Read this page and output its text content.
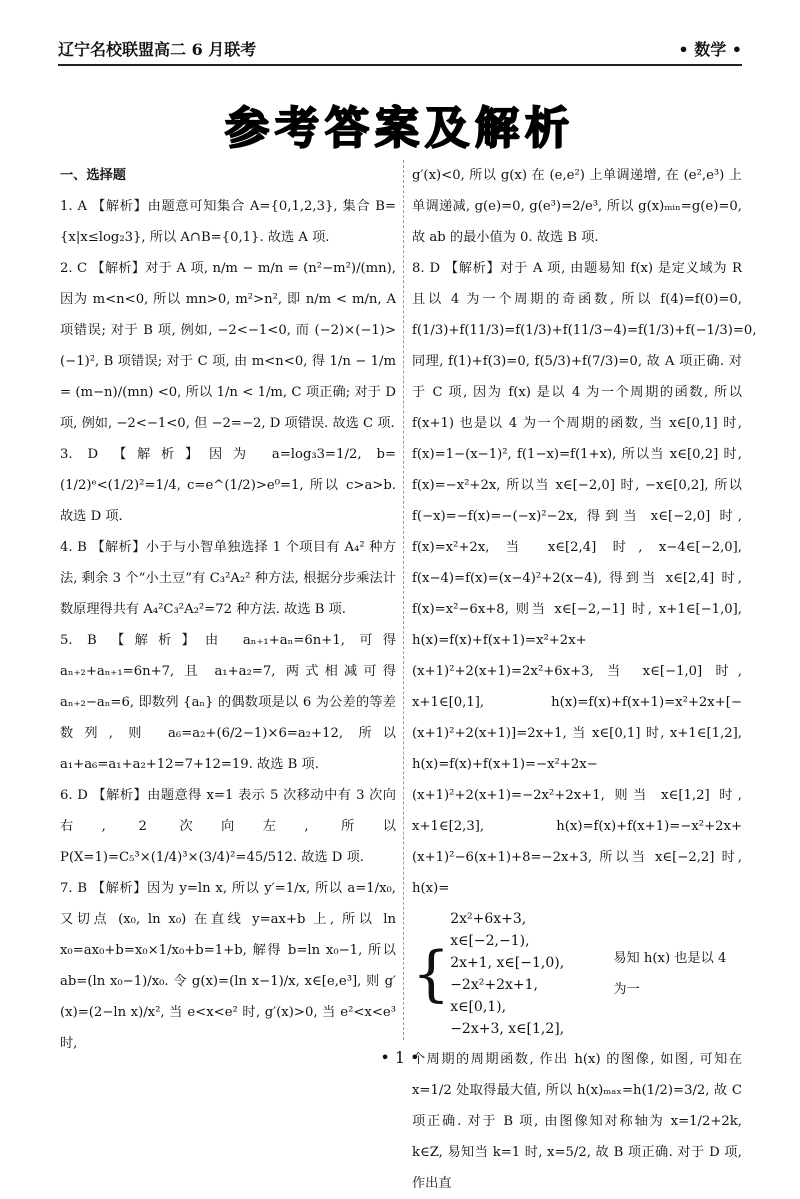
辽宁名校联盟高二 6 月联考	• 数学 •
参考答案及解析

一、选择题

1. A 【解析】由题意可知集合 A={0,1,2,3}, 集合 B={x|x≤log₂3}, 所以 A∩B={0,1}. 故选 A 项.

2. C 【解析】对于 A 项, n/m − m/n = (n²−m²)/(mn), 因为 m<n<0, 所以 mn>0, m²>n², 即 n/m < m/n, A 项错误; 对于 B 项, 例如, −2<−1<0, 而 (−2)×(−1)>(−1)², B 项错误; 对于 C 项, 由 m<n<0, 得 1/n − 1/m = (m−n)/(mn) <0, 所以 1/n < 1/m, C 项正确; 对于 D 项, 例如, −2<−1<0, 但 −2=−2, D 项错误. 故选 C 项.

3. D 【解析】因为 a=log₃3=1/2, b=(1/2)ᵉ<(1/2)²=1/4, c=e^(1/2)>e⁰=1, 所以 c>a>b. 故选 D 项.

4. B 【解析】小于与小智单独选择 1 个项目有 A₄² 种方法, 剩余 3 个“小土豆”有 C₃²A₂² 种方法, 根据分步乘法计数原理得共有 A₄²C₃²A₂²=72 种方法. 故选 B 项.

5. B 【解析】由 aₙ₊₁+aₙ=6n+1, 可得 aₙ₊₂+aₙ₊₁=6n+7, 且 a₁+a₂=7, 两式相减可得 aₙ₊₂−aₙ=6, 即数列 {aₙ} 的偶数项是以 6 为公差的等差数列, 则 a₆=a₂+(6/2−1)×6=a₂+12, 所以 a₁+a₆=a₁+a₂+12=7+12=19. 故选 B 项.

6. D 【解析】由题意得 x=1 表示 5 次移动中有 3 次向右, 2 次向左, 所以 P(X=1)=C₅³×(1/4)³×(3/4)²=45/512. 故选 D 项.

7. B 【解析】因为 y=ln x, 所以 y′=1/x, 所以 a=1/x₀, 又切点 (x₀, ln x₀) 在直线 y=ax+b 上, 所以 ln x₀=ax₀+b=x₀×1/x₀+b=1+b, 解得 b=ln x₀−1, 所以 ab=(ln x₀−1)/x₀. 令 g(x)=(ln x−1)/x, x∈[e,e³], 则 g′(x)=(2−ln x)/x², 当 e<x<e² 时, g′(x)>0, 当 e²<x<e³ 时,

g′(x)<0, 所以 g(x) 在 (e,e²) 上单调递增, 在 (e²,e³) 上单调递减, g(e)=0, g(e³)=2/e³, 所以 g(x)ₘᵢₙ=g(e)=0, 故 ab 的最小值为 0. 故选 B 项.

8. D 【解析】对于 A 项, 由题易知 f(x) 是定义域为 R 且以 4 为一个周期的奇函数, 所以 f(4)=f(0)=0, f(1/3)+f(11/3)=f(1/3)+f(11/3−4)=f(1/3)+f(−1/3)=0, 同理, f(1)+f(3)=0, f(5/3)+f(7/3)=0, 故 A 项正确. 对于 C 项, 因为 f(x) 是以 4 为一个周期的函数, 所以 f(x+1) 也是以 4 为一个周期的函数, 当 x∈[0,1] 时, f(x)=1−(x−1)², f(1−x)=f(1+x), 所以当 x∈[0,2] 时, f(x)=−x²+2x, 所以当 x∈[−2,0] 时, −x∈[0,2], 所以 f(−x)=−f(x)=−(−x)²−2x, 得到当 x∈[−2,0] 时, f(x)=x²+2x, 当 x∈[2,4] 时, x−4∈[−2,0], f(x−4)=f(x)=(x−4)²+2(x−4), 得到当 x∈[2,4] 时, f(x)=x²−6x+8, 则当 x∈[−2,−1] 时, x+1∈[−1,0], h(x)=f(x)+f(x+1)=x²+2x+(x+1)²+2(x+1)=2x²+6x+3, 当 x∈[−1,0] 时, x+1∈[0,1], h(x)=f(x)+f(x+1)=x²+2x+[−(x+1)²+2(x+1)]=2x+1, 当 x∈[0,1] 时, x+1∈[1,2], h(x)=f(x)+f(x+1)=−x²+2x−(x+1)²+2(x+1)=−2x²+2x+1, 则当 x∈[1,2] 时, x+1∈[2,3], h(x)=f(x)+f(x+1)=−x²+2x+(x+1)²−6(x+1)+8=−2x+3, 所以当 x∈[−2,2] 时, h(x)=

{
2x²+6x+3, x∈[−2,−1),
2x+1, x∈[−1,0),
−2x²+2x+1, x∈[0,1),
−2x+3, x∈[1,2],
易知 h(x) 也是以 4 为一

个周期的周期函数, 作出 h(x) 的图像, 如图, 可知在 x=1/2 处取得最大值, 所以 h(x)ₘₐₓ=h(1/2)=3/2, 故 C 项正确. 对于 B 项, 由图像知对称轴为 x=1/2+2k, k∈Z, 易知当 k=1 时, x=5/2, 故 B 项正确. 对于 D 项, 作出直

• 1 •
